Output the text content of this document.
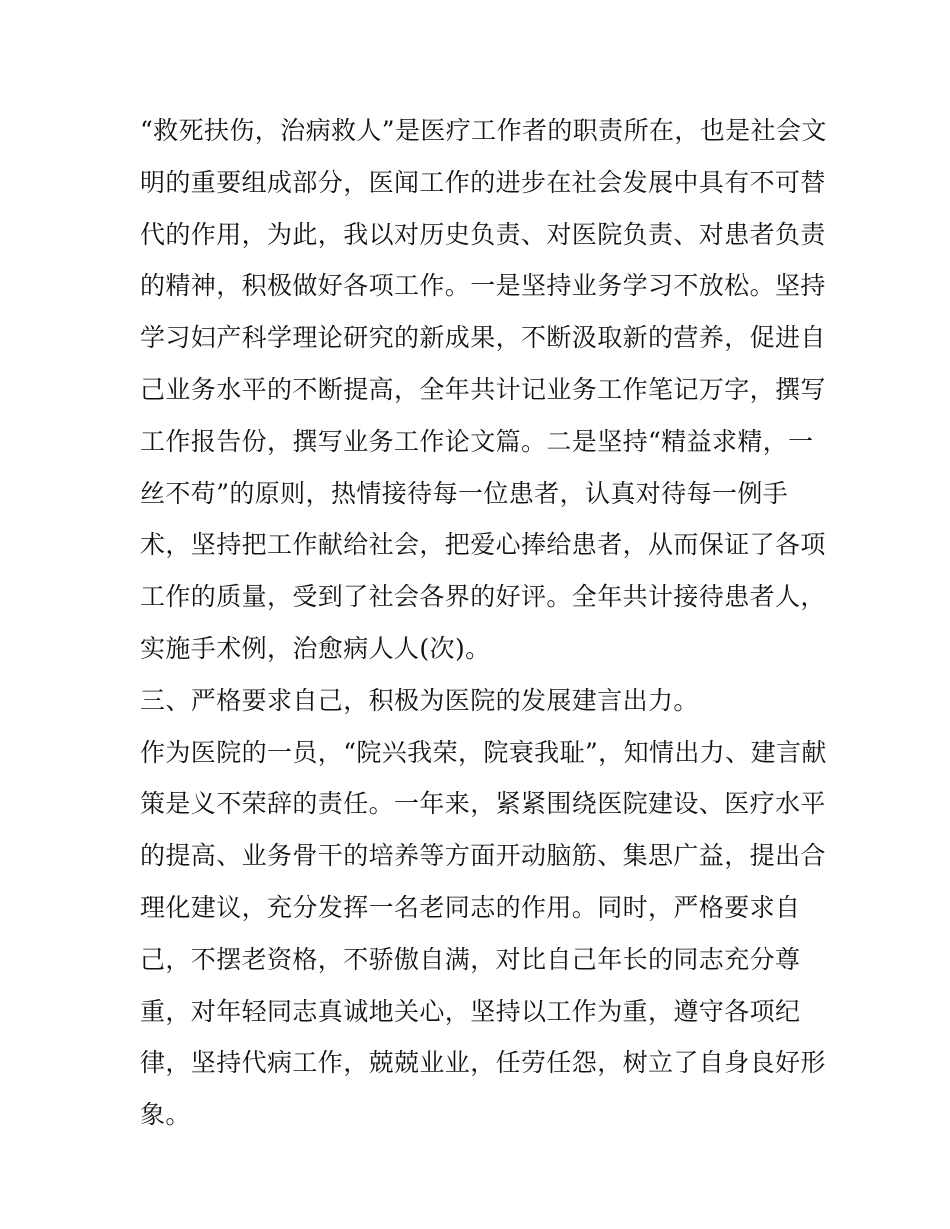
“救死扶伤，治病救人”是医疗工作者的职责所在，也是社会文
明的重要组成部分，医闻工作的进步在社会发展中具有不可替
代的作用，为此，我以对历史负责、对医院负责、对患者负责
的精神，积极做好各项工作。一是坚持业务学习不放松。坚持
学习妇产科学理论研究的新成果，不断汲取新的营养，促进自
己业务水平的不断提高，全年共计记业务工作笔记万字，撰写
工作报告份，撰写业务工作论文篇。二是坚持“精益求精，一
丝不苟”的原则，热情接待每一位患者，认真对待每一例手
术，坚持把工作献给社会，把爱心捧给患者，从而保证了各项
工作的质量，受到了社会各界的好评。全年共计接待患者人，
实施手术例，治愈病人人(次)。
三、严格要求自己，积极为医院的发展建言出力。
作为医院的一员，“院兴我荣，院衰我耻”，知情出力、建言献
策是义不荣辞的责任。一年来，紧紧围绕医院建设、医疗水平
的提高、业务骨干的培养等方面开动脑筋、集思广益，提出合
理化建议，充分发挥一名老同志的作用。同时，严格要求自
己，不摆老资格，不骄傲自满，对比自己年长的同志充分尊
重，对年轻同志真诚地关心，坚持以工作为重，遵守各项纪
律，坚持代病工作，兢兢业业，任劳任怨，树立了自身良好形
象。
